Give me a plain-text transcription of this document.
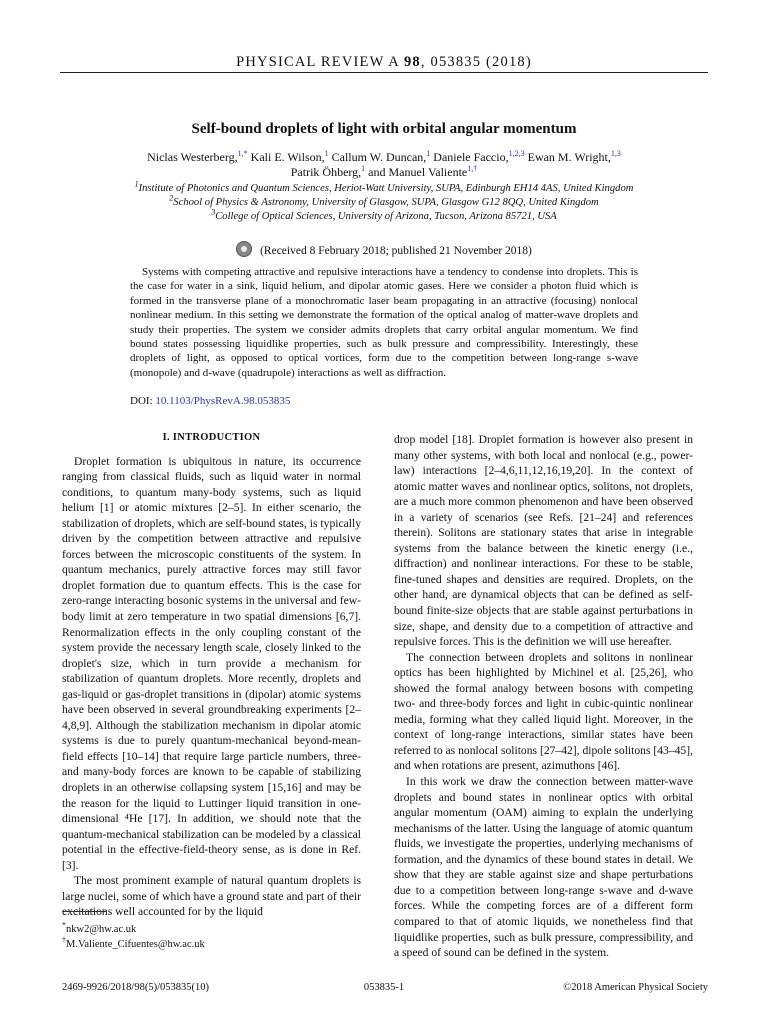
PHYSICAL REVIEW A 98, 053835 (2018)
Self-bound droplets of light with orbital angular momentum
Niclas Westerberg,$^{1,*}$ Kali E. Wilson,$^1$ Callum W. Duncan,$^1$ Daniele Faccio,$^{1,2,3}$ Ewan M. Wright,$^{1,3}$
Patrik Öhberg,$^1$ and Manuel Valiente$^{1,\dagger}$
$^1$Institute of Photonics and Quantum Sciences, Heriot-Watt University, SUPA, Edinburgh EH14 4AS, United Kingdom
$^2$School of Physics & Astronomy, University of Glasgow, SUPA, Glasgow G12 8QQ, United Kingdom
$^3$College of Optical Sciences, University of Arizona, Tucson, Arizona 85721, USA
(Received 8 February 2018; published 21 November 2018)
Systems with competing attractive and repulsive interactions have a tendency to condense into droplets. This is the case for water in a sink, liquid helium, and dipolar atomic gases. Here we consider a photon fluid which is formed in the transverse plane of a monochromatic laser beam propagating in an attractive (focusing) nonlocal nonlinear medium. In this setting we demonstrate the formation of the optical analog of matter-wave droplets and study their properties. The system we consider admits droplets that carry orbital angular momentum. We find bound states possessing liquidlike properties, such as bulk pressure and compressibility. Interestingly, these droplets of light, as opposed to optical vortices, form due to the competition between long-range s-wave (monopole) and d-wave (quadrupole) interactions as well as diffraction.
DOI: 10.1103/PhysRevA.98.053835
I. INTRODUCTION

Droplet formation is ubiquitous in nature, its occurrence ranging from classical fluids, such as liquid water in normal conditions, to quantum many-body systems, such as liquid helium [1] or atomic mixtures [2–5]. In either scenario, the stabilization of droplets, which are self-bound states, is typically driven by the competition between attractive and repulsive forces between the microscopic constituents of the system. In quantum mechanics, purely attractive forces may still favor droplet formation due to quantum effects. This is the case for zero-range interacting bosonic systems in the universal and few-body limit at zero temperature in two spatial dimensions [6,7]. Renormalization effects in the only coupling constant of the system provide the necessary length scale, closely linked to the droplet's size, which in turn provide a mechanism for stabilization of quantum droplets. More recently, droplets and gas-liquid or gas-droplet transitions in (dipolar) atomic systems have been observed in several groundbreaking experiments [2–4,8,9]. Although the stabilization mechanism in dipolar atomic systems is due to purely quantum-mechanical beyond-mean-field effects [10–14] that require large particle numbers, three- and many-body forces are known to be capable of stabilizing droplets in an otherwise collapsing system [15,16] and may be the reason for the liquid to Luttinger liquid transition in one-dimensional ⁴He [17]. In addition, we should note that the quantum-mechanical stabilization can be modeled by a classical potential in the effective-field-theory sense, as is done in Ref. [3].

The most prominent example of natural quantum droplets is large nuclei, some of which have a ground state and part of their excitations well accounted for by the liquid

drop model [18]. Droplet formation is however also present in many other systems, with both local and nonlocal (e.g., power-law) interactions [2–4,6,11,12,16,19,20]. In the context of atomic matter waves and nonlinear optics, solitons, not droplets, are a much more common phenomenon and have been observed in a variety of scenarios (see Refs. [21–24] and references therein). Solitons are stationary states that arise in integrable systems from the balance between the kinetic energy (i.e., diffraction) and nonlinear interactions. For these to be stable, fine-tuned shapes and densities are required. Droplets, on the other hand, are dynamical objects that can be defined as self-bound finite-size objects that are stable against perturbations in size, shape, and density due to a competition of attractive and repulsive forces. This is the definition we will use hereafter.

The connection between droplets and solitons in nonlinear optics has been highlighted by Michinel et al. [25,26], who showed the formal analogy between bosons with competing two- and three-body forces and light in cubic-quintic nonlinear media, forming what they called liquid light. Moreover, in the context of long-range interactions, similar states have been referred to as nonlocal solitons [27–42], dipole solitons [43–45], and when rotations are present, azimuthons [46].

In this work we draw the connection between matter-wave droplets and bound states in nonlinear optics with orbital angular momentum (OAM) aiming to explain the underlying mechanisms of the latter. Using the language of atomic quantum fluids, we investigate the properties, underlying mechanisms of formation, and the dynamics of these bound states in detail. We show that they are stable against size and shape perturbations due to a competition between long-range s-wave and d-wave forces. While the competing forces are of a different form compared to that of atomic liquids, we nonetheless find that liquidlike properties, such as bulk pressure, compressibility, and a speed of sound can be defined in the system.

*nkw2@hw.ac.uk
†M.Valiente_Cifuentes@hw.ac.uk
2469-9926/2018/98(5)/053835(10)	053835-1	©2018 American Physical Society
